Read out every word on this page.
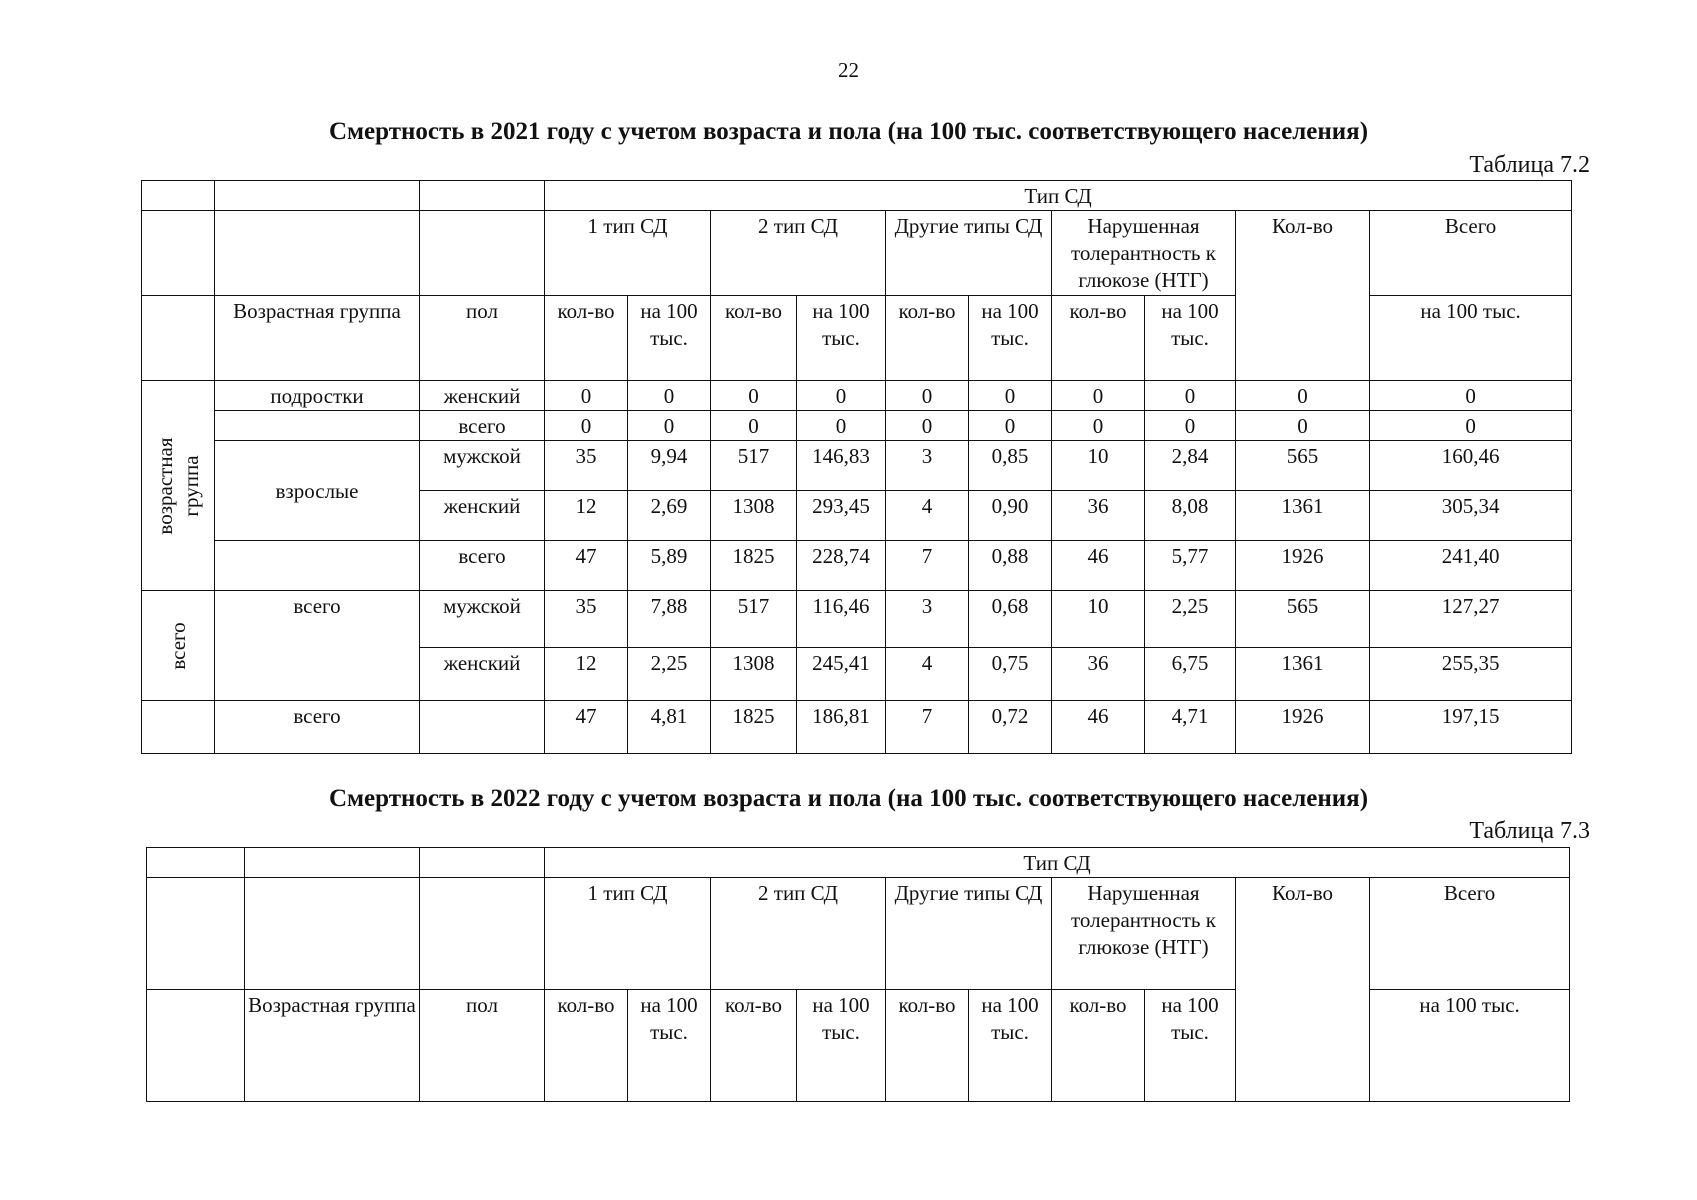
22
Смертность в 2021 году с учетом возраста и пола (на 100 тыс. соответствующего населения)
Таблица 7.2
			Тип СД									
			1 тип СД		2 тип СД		Другие типы СД		Нарушенная толерантность к глюкозе (НТГ)		Кол-во	Всего
	Возрастная группа	пол	кол-во	на 100 тыс.	кол-во	на 100 тыс.	кол-во	на 100 тыс.	кол-во	на 100 тыс.		на 100 тыс.

возрастная группа	подростки	женский	0	0	0	0	0	0	0	0	0	0
		всего	0	0	0	0	0	0	0	0	0	0
	взрослые	мужской	35	9,94	517	146,83	3	0,85	10	2,84	565	160,46
		женский	12	2,69	1308	293,45	4	0,90	36	8,08	1361	305,34
		всего	47	5,89	1825	228,74	7	0,88	46	5,77	1926	241,40

всего	всего	мужской	35	7,88	517	116,46	3	0,68	10	2,25	565	127,27
		женский	12	2,25	1308	245,41	4	0,75	36	6,75	1361	255,35
	всего		47	4,81	1825	186,81	7	0,72	46	4,71	1926	197,15
Смертность в 2022 году с учетом возраста и пола (на 100 тыс. соответствующего населения)
Таблица 7.3
			Тип СД									
			1 тип СД		2 тип СД		Другие типы СД		Нарушенная толерантность к глюкозе (НТГ)		Кол-во	Всего
	Возрастная группа	пол	кол-во	на 100 тыс.	кол-во	на 100 тыс.	кол-во	на 100 тыс.	кол-во	на 100 тыс.		на 100 тыс.
